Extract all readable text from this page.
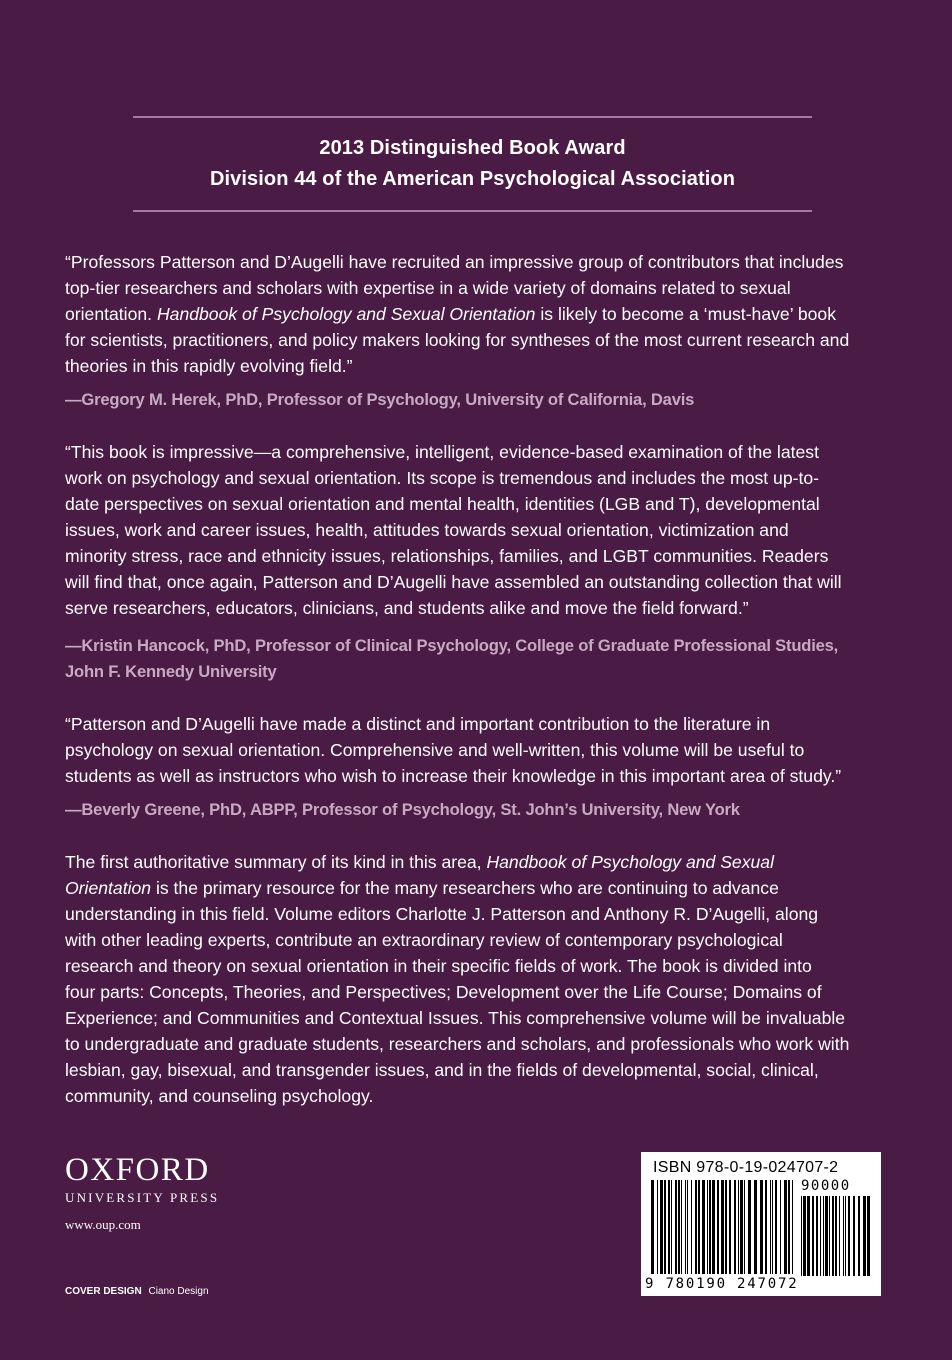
2013 Distinguished Book Award
Division 44 of the American Psychological Association
“Professors Patterson and D’Augelli have recruited an impressive group of contributors that includes
top-tier researchers and scholars with expertise in a wide variety of domains related to sexual
orientation. Handbook of Psychology and Sexual Orientation is likely to become a ‘must-have’ book
for scientists, practitioners, and policy makers looking for syntheses of the most current research and
theories in this rapidly evolving field.”
—Gregory M. Herek, PhD, Professor of Psychology, University of California, Davis
“This book is impressive—a comprehensive, intelligent, evidence-based examination of the latest
work on psychology and sexual orientation. Its scope is tremendous and includes the most up-to-
date perspectives on sexual orientation and mental health, identities (LGB and T), developmental
issues, work and career issues, health, attitudes towards sexual orientation, victimization and
minority stress, race and ethnicity issues, relationships, families, and LGBT communities. Readers
will find that, once again, Patterson and D’Augelli have assembled an outstanding collection that will
serve researchers, educators, clinicians, and students alike and move the field forward.”
—Kristin Hancock, PhD, Professor of Clinical Psychology, College of Graduate Professional Studies,
John F. Kennedy University
“Patterson and D’Augelli have made a distinct and important contribution to the literature in
psychology on sexual orientation. Comprehensive and well-written, this volume will be useful to
students as well as instructors who wish to increase their knowledge in this important area of study.”
—Beverly Greene, PhD, ABPP, Professor of Psychology, St. John’s University, New York
The first authoritative summary of its kind in this area, Handbook of Psychology and Sexual
Orientation is the primary resource for the many researchers who are continuing to advance
understanding in this field. Volume editors Charlotte J. Patterson and Anthony R. D’Augelli, along
with other leading experts, contribute an extraordinary review of contemporary psychological
research and theory on sexual orientation in their specific fields of work. The book is divided into
four parts: Concepts, Theories, and Perspectives; Development over the Life Course; Domains of
Experience; and Communities and Contextual Issues. This comprehensive volume will be invaluable
to undergraduate and graduate students, researchers and scholars, and professionals who work with
lesbian, gay, bisexual, and transgender issues, and in the fields of developmental, social, clinical,
community, and counseling psychology.
OXFORD
UNIVERSITY PRESS
www.oup.com
COVER DESIGN Ciano Design
ISBN 978-0-19-024707-2
90000
9 780190 247072
